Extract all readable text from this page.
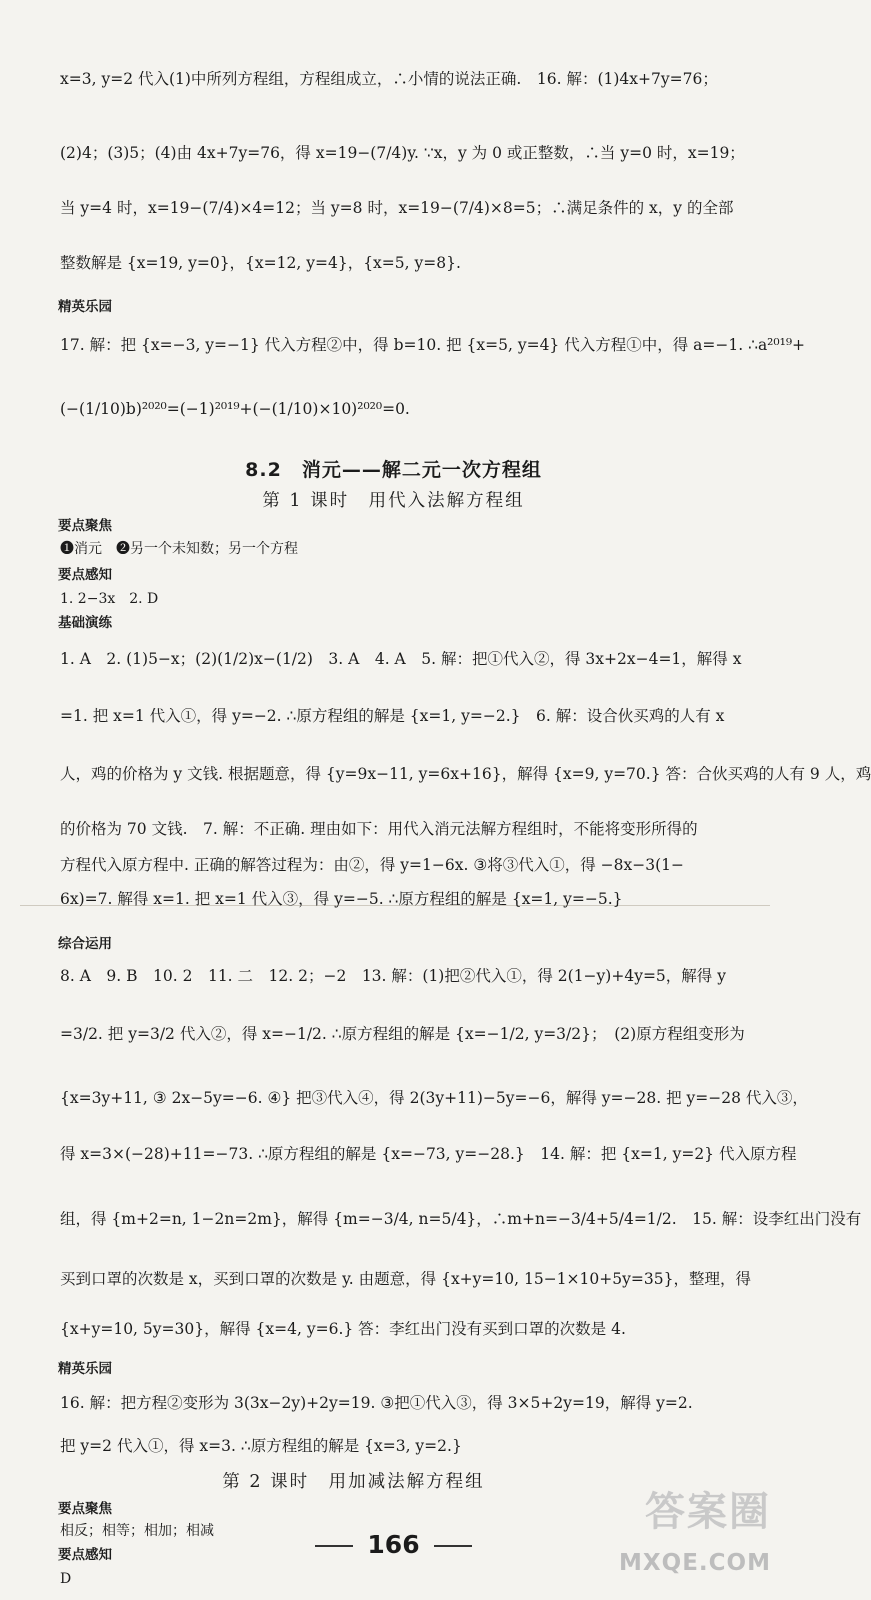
x=3, y=2 代入(1)中所列方程组，方程组成立，∴小情的说法正确.　16. 解：(1)4x+7y=76；
(2)4；(3)5；(4)由 4x+7y=76，得 x=19−(7/4)y. ∵x，y 为 0 或正整数，∴当 y=0 时，x=19；
当 y=4 时，x=19−(7/4)×4=12；当 y=8 时，x=19−(7/4)×8=5；∴满足条件的 x，y 的全部
整数解是 {x=19, y=0}，{x=12, y=4}，{x=5, y=8}.
精英乐园
17. 解：把 {x=−3, y=−1} 代入方程②中，得 b=10. 把 {x=5, y=4} 代入方程①中，得 a=−1. ∴a²⁰¹⁹+
(−(1/10)b)²⁰²⁰=(−1)²⁰¹⁹+(−(1/10)×10)²⁰²⁰=0.
8.2　消元——解二元一次方程组
第 1 课时　用代入法解方程组
要点聚焦
❶消元　❷另一个未知数；另一个方程
要点感知
1. 2−3x　2. D
基础演练
1. A　2. (1)5−x；(2)(1/2)x−(1/2)　3. A　4. A　5. 解：把①代入②，得 3x+2x−4=1，解得 x
=1. 把 x=1 代入①，得 y=−2. ∴原方程组的解是 {x=1, y=−2.}　6. 解：设合伙买鸡的人有 x
人，鸡的价格为 y 文钱. 根据题意，得 {y=9x−11, y=6x+16}，解得 {x=9, y=70.} 答：合伙买鸡的人有 9 人，鸡
的价格为 70 文钱.　7. 解：不正确. 理由如下：用代入消元法解方程组时，不能将变形所得的
方程代入原方程中. 正确的解答过程为：由②，得 y=1−6x. ③将③代入①，得 −8x−3(1−
6x)=7. 解得 x=1. 把 x=1 代入③，得 y=−5. ∴原方程组的解是 {x=1, y=−5.}
综合运用
8. A　9. B　10. 2　11. 二　12. 2；−2　13. 解：(1)把②代入①，得 2(1−y)+4y=5，解得 y
=3/2. 把 y=3/2 代入②，得 x=−1/2. ∴原方程组的解是 {x=−1/2, y=3/2}；　(2)原方程组变形为
{x=3y+11, ③ 2x−5y=−6. ④} 把③代入④，得 2(3y+11)−5y=−6，解得 y=−28. 把 y=−28 代入③，
得 x=3×(−28)+11=−73. ∴原方程组的解是 {x=−73, y=−28.}　14. 解：把 {x=1, y=2} 代入原方程
组，得 {m+2=n, 1−2n=2m}，解得 {m=−3/4, n=5/4}，∴m+n=−3/4+5/4=1/2.　15. 解：设李红出门没有
买到口罩的次数是 x，买到口罩的次数是 y. 由题意，得 {x+y=10, 15−1×10+5y=35}，整理，得
{x+y=10, 5y=30}，解得 {x=4, y=6.} 答：李红出门没有买到口罩的次数是 4.
精英乐园
16. 解：把方程②变形为 3(3x−2y)+2y=19. ③把①代入③，得 3×5+2y=19，解得 y=2.
把 y=2 代入①，得 x=3. ∴原方程组的解是 {x=3, y=2.}
第 2 课时　用加减法解方程组
要点聚焦
相反；相等；相加；相减
要点感知
D
166
答案圈
MXQE.COM
